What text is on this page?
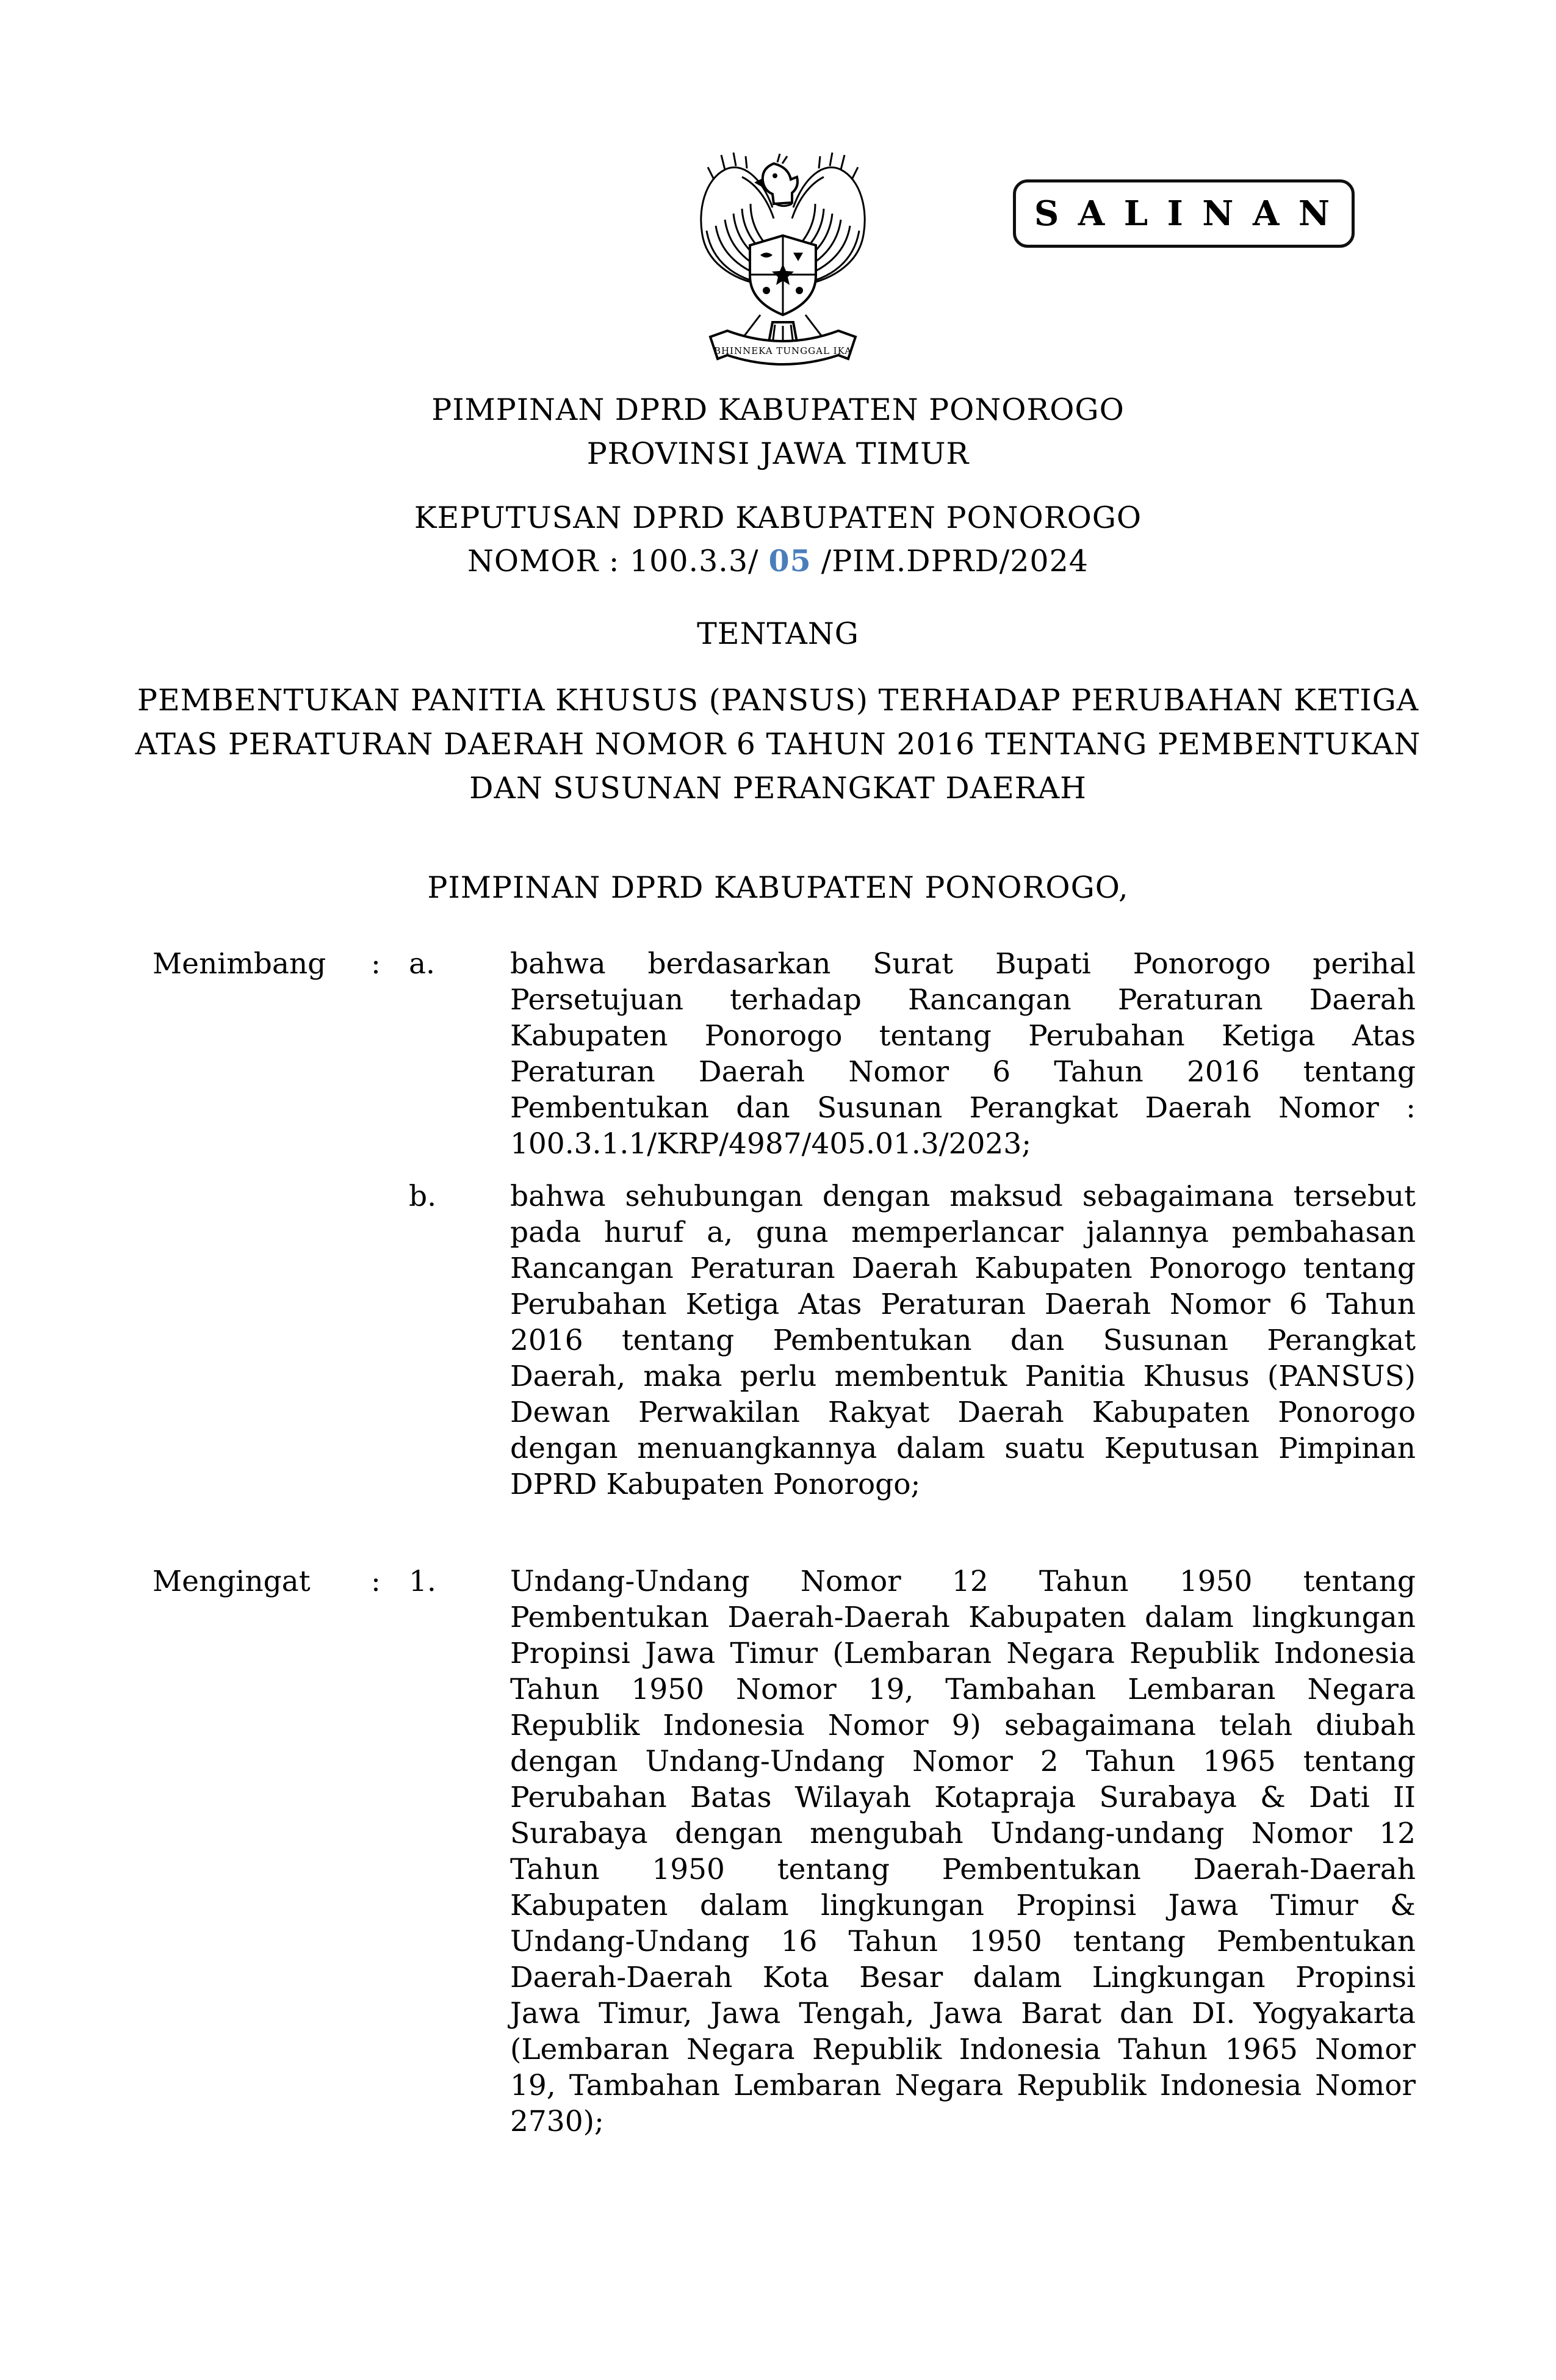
BHINNEKA TUNGGAL IKA
S A L I N A N
PIMPINAN DPRD KABUPATEN PONOROGO
PROVINSI JAWA TIMUR
KEPUTUSAN DPRD KABUPATEN PONOROGO
NOMOR : 100.3.3/ 05 /PIM.DPRD/2024
TENTANG
PEMBENTUKAN PANITIA KHUSUS (PANSUS) TERHADAP PERUBAHAN KETIGA
ATAS PERATURAN DAERAH NOMOR 6 TAHUN 2016 TENTANG PEMBENTUKAN
DAN SUSUNAN PERANGKAT DAERAH
PIMPINAN DPRD KABUPATEN PONOROGO,
Menimbang : a.	bahwa berdasarkan Surat Bupati Ponorogo perihal
Persetujuan terhadap Rancangan Peraturan Daerah
Kabupaten Ponorogo tentang Perubahan Ketiga Atas
Peraturan Daerah Nomor 6 Tahun 2016 tentang
Pembentukan dan Susunan Perangkat Daerah Nomor :
100.3.1.1/KRP/4987/405.01.3/2023;
b.	bahwa sehubungan dengan maksud sebagaimana tersebut
pada huruf a, guna memperlancar jalannya pembahasan
Rancangan Peraturan Daerah Kabupaten Ponorogo tentang
Perubahan Ketiga Atas Peraturan Daerah Nomor 6 Tahun
2016 tentang Pembentukan dan Susunan Perangkat
Daerah, maka perlu membentuk Panitia Khusus (PANSUS)
Dewan Perwakilan Rakyat Daerah Kabupaten Ponorogo
dengan menuangkannya dalam suatu Keputusan Pimpinan
DPRD Kabupaten Ponorogo;
Mengingat : 1.	Undang-Undang Nomor 12 Tahun 1950 tentang
Pembentukan Daerah-Daerah Kabupaten dalam lingkungan
Propinsi Jawa Timur (Lembaran Negara Republik Indonesia
Tahun 1950 Nomor 19, Tambahan Lembaran Negara
Republik Indonesia Nomor 9) sebagaimana telah diubah
dengan Undang-Undang Nomor 2 Tahun 1965 tentang
Perubahan Batas Wilayah Kotapraja Surabaya & Dati II
Surabaya dengan mengubah Undang-undang Nomor 12
Tahun 1950 tentang Pembentukan Daerah-Daerah
Kabupaten dalam lingkungan Propinsi Jawa Timur &
Undang-Undang 16 Tahun 1950 tentang Pembentukan
Daerah-Daerah Kota Besar dalam Lingkungan Propinsi
Jawa Timur, Jawa Tengah, Jawa Barat dan DI. Yogyakarta
(Lembaran Negara Republik Indonesia Tahun 1965 Nomor
19, Tambahan Lembaran Negara Republik Indonesia Nomor
2730);
